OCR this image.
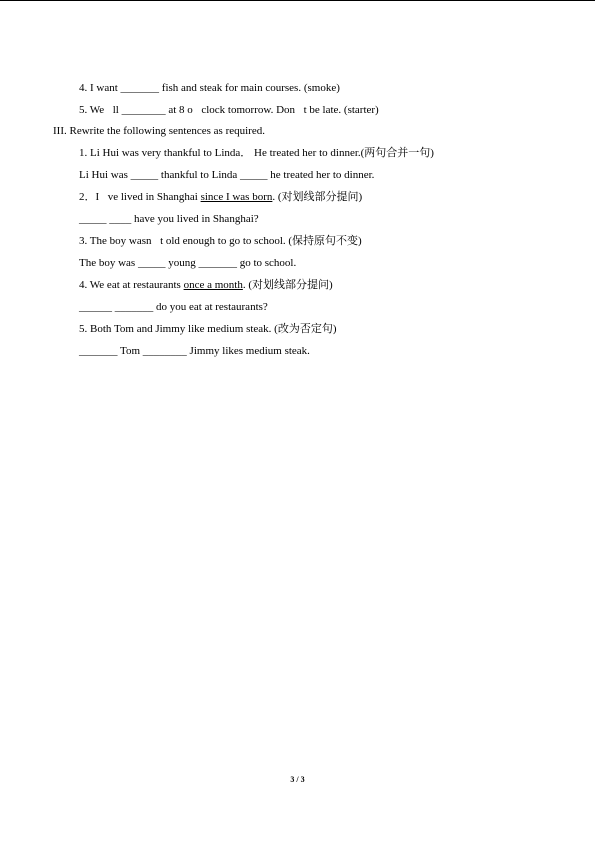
4. I want _______ fish and steak for main courses. (smoke)
5. We ll ________ at 8 o clock tomorrow. Don t be late. (starter)
III. Rewrite the following sentences as required.
1. Li Hui was very thankful to Linda． He treated her to dinner.(两句合并一句)
Li Hui was _____ thankful to Linda _____ he treated her to dinner.
2．I ve lived in Shanghai since I was born. (对划线部分提问)
_____ ____ have you lived in Shanghai?
3. The boy wasn t old enough to go to school. (保持原句不变)
The boy was _____ young _______ go to school.
4. We eat at restaurants once a month. (对划线部分提问)
______ _______ do you eat at restaurants?
5. Both Tom and Jimmy like medium steak. (改为否定句)
_______ Tom ________ Jimmy likes medium steak.
3 / 3
